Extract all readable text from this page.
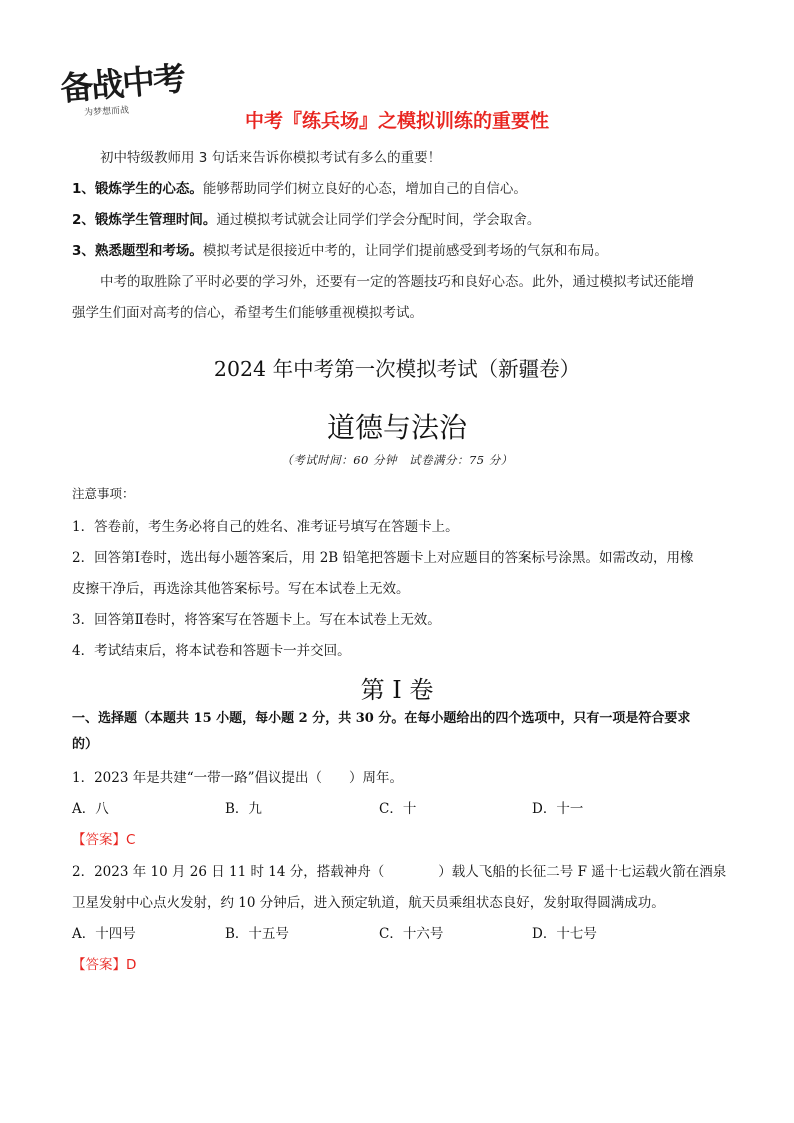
备战中考
为梦想而战	中考『练兵场』之模拟训练的重要性
初中特级教师用 3 句话来告诉你模拟考试有多么的重要！
1、锻炼学生的心态。能够帮助同学们树立良好的心态，增加自己的自信心。
2、锻炼学生管理时间。通过模拟考试就会让同学们学会分配时间，学会取舍。
3、熟悉题型和考场。模拟考试是很接近中考的，让同学们提前感受到考场的气氛和布局。
中考的取胜除了平时必要的学习外，还要有一定的答题技巧和良好心态。此外，通过模拟考试还能增
强学生们面对高考的信心，希望考生们能够重视模拟考试。
2024 年中考第一次模拟考试（新疆卷）
道德与法治
（考试时间：60 分钟　试卷满分：75 分）
注意事项：
1．答卷前，考生务必将自己的姓名、准考证号填写在答题卡上。
2．回答第Ⅰ卷时，选出每小题答案后，用 2B 铅笔把答题卡上对应题目的答案标号涂黑。如需改动，用橡
皮擦干净后，再选涂其他答案标号。写在本试卷上无效。
3．回答第Ⅱ卷时，将答案写在答题卡上。写在本试卷上无效。
4．考试结束后，将本试卷和答题卡一并交回。
第 I 卷
一、选择题（本题共 15 小题，每小题 2 分，共 30 分。在每小题给出的四个选项中，只有一项是符合要求
的）
1．2023 年是共建“一带一路”倡议提出（　　）周年。
A．八	B．九	C．十	D．十一
【答案】C
2．2023 年 10 月 26 日 11 时 14 分，搭载神舟（　　　　）载人飞船的长征二号 F 遥十七运载火箭在酒泉
卫星发射中心点火发射，约 10 分钟后，进入预定轨道，航天员乘组状态良好，发射取得圆满成功。
A．十四号	B．十五号	C．十六号	D．十七号
【答案】D
